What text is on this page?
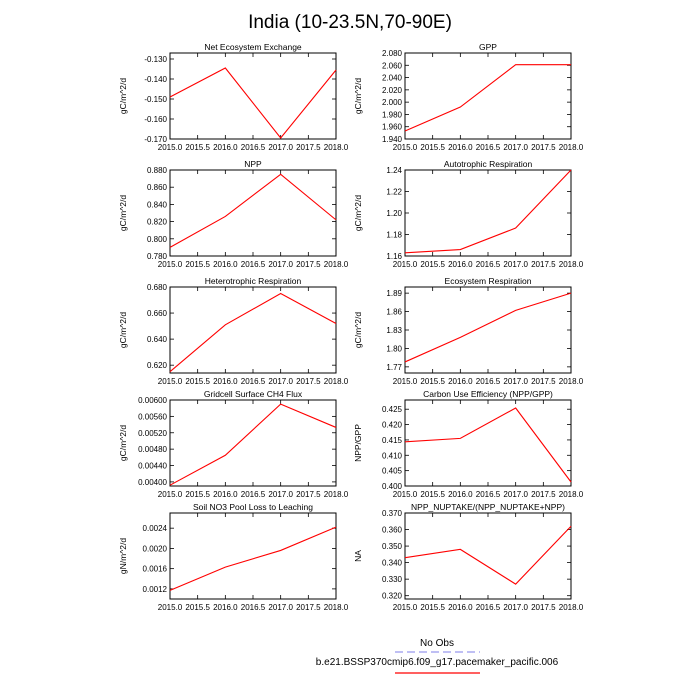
India (10-23.5N,70-90E)
Net Ecosystem Exchange
2015.0 2015.5 2016.0 2016.5 2017.0 2017.5 2018.0
-0.170
-0.160
-0.150
-0.140
-0.130
gC/m^2/d
GPP
2015.0 2015.5 2016.0 2016.5 2017.0 2017.5 2018.0
1.940
1.960
1.980
2.000
2.020
2.040
2.060
2.080
gC/m^2/d
NPP
2015.0 2015.5 2016.0 2016.5 2017.0 2017.5 2018.0
0.780
0.800
0.820
0.840
0.860
0.880
gC/m^2/d
Autotrophic Respiration
2015.0 2015.5 2016.0 2016.5 2017.0 2017.5 2018.0
1.16
1.18
1.20
1.22
1.24
gC/m^2/d
Heterotrophic Respiration
2015.0 2015.5 2016.0 2016.5 2017.0 2017.5 2018.0
0.620
0.640
0.660
0.680
gC/m^2/d
Ecosystem Respiration
2015.0 2015.5 2016.0 2016.5 2017.0 2017.5 2018.0
1.77
1.80
1.83
1.86
1.89
gC/m^2/d
Gridcell Surface CH4 Flux
2015.0 2015.5 2016.0 2016.5 2017.0 2017.5 2018.0
0.00400
0.00440
0.00480
0.00520
0.00560
0.00600
gC/m^2/d
Carbon Use Efficiency (NPP/GPP)
2015.0 2015.5 2016.0 2016.5 2017.0 2017.5 2018.0
0.400
0.405
0.410
0.415
0.420
0.425
NPP/GPP
Soil NO3 Pool Loss to Leaching
2015.0 2015.5 2016.0 2016.5 2017.0 2017.5 2018.0
0.0012
0.0016
0.0020
0.0024
gN/m^2/d
NPP_NUPTAKE/(NPP_NUPTAKE+NPP)
2015.0 2015.5 2016.0 2016.5 2017.0 2017.5 2018.0
0.320
0.330
0.340
0.350
0.360
0.370
NA
No Obs
b.e21.BSSP370cmip6.f09_g17.pacemaker_pacific.006
